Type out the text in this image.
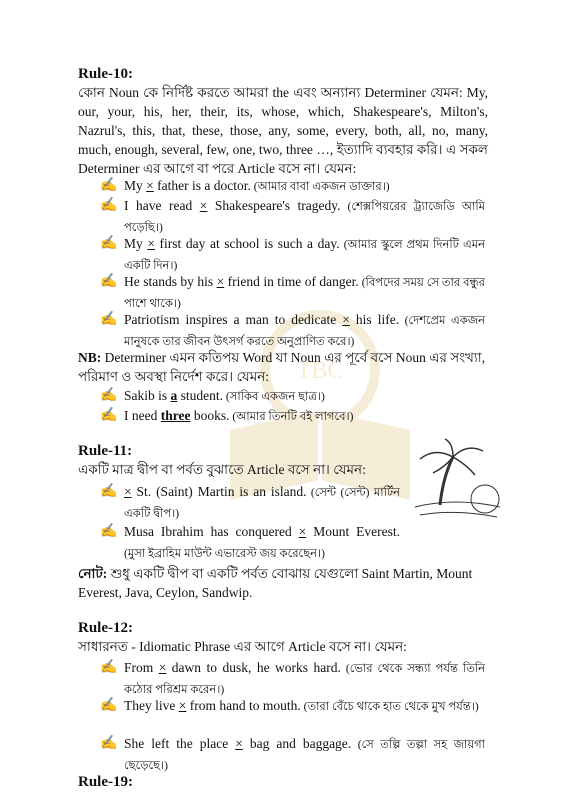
TBC
Rule-10:
কোন Noun কে নির্দিষ্ট করতে আমরা the এবং অন্যান্য Determiner যেমন: My, our, your, his, her, their, its, whose, which, Shakespeare's, Milton's, Nazrul's, this, that, these, those, any, some, every, both, all, no, many, much, enough, several, few, one, two, three …, ইত্যাদি ব্যবহার করি। এ সকল Determiner এর আগে বা পরে Article বসে না। যেমন:
✍ My × father is a doctor. (আমার বাবা একজন ডাক্তার।)
✍ I have read × Shakespeare's tragedy. (শেক্সপিয়রের ট্র্যাজেডি আমি পড়েছি।)
✍ My × first day at school is such a day. (আমার স্কুলে প্রথম দিনটি এমন একটি দিন।)
✍ He stands by his × friend in time of danger. (বিপদের সময় সে তার বন্ধুর পাশে থাকে।)
✍ Patriotism inspires a man to dedicate × his life. (দেশপ্রেম একজন মানুষকে তার জীবন উৎসর্গ করতে অনুপ্রাণিত করে।)
NB: Determiner এমন কতিপয় Word যা Noun এর পূর্বে বসে Noun এর সংখ্যা, পরিমাণ ও অবস্থা নির্দেশ করে। যেমন:
✍ Sakib is a student. (সাকিব একজন ছাত্র।)
✍ I need three books. (আমার তিনটি বই লাগবে।)
Rule-11:
একটি মাত্র দ্বীপ বা পর্বত বুঝাতে Article বসে না। যেমন:
✍ × St. (Saint) Martin is an island. (সেন্ট (সেন্ট) মার্টিন একটি দ্বীপ।)
✍ Musa Ibrahim has conquered × Mount Everest. (মুসা ইব্রাহিম মাউন্ট এভারেস্ট জয় করেছেন।)
নোট: শুধু একটি দ্বীপ বা একটি পর্বত বোঝায় যেগুলো Saint Martin, Mount Everest, Java, Ceylon, Sandwip.
Rule-12:
সাধারনত - Idiomatic Phrase এর আগে Article বসে না। যেমন:
✍ From × dawn to dusk, he works hard. (ভোর থেকে সন্ধ্যা পর্যন্ত তিনি কঠোর পরিশ্রম করেন।)
✍ They live × from hand to mouth. (তারা বেঁচে থাকে হাত থেকে মুখ পর্যন্ত।)
✍ She left the place × bag and baggage. (সে তল্পি তল্পা সহ জায়গা ছেড়েছে।)
Rule-19:
